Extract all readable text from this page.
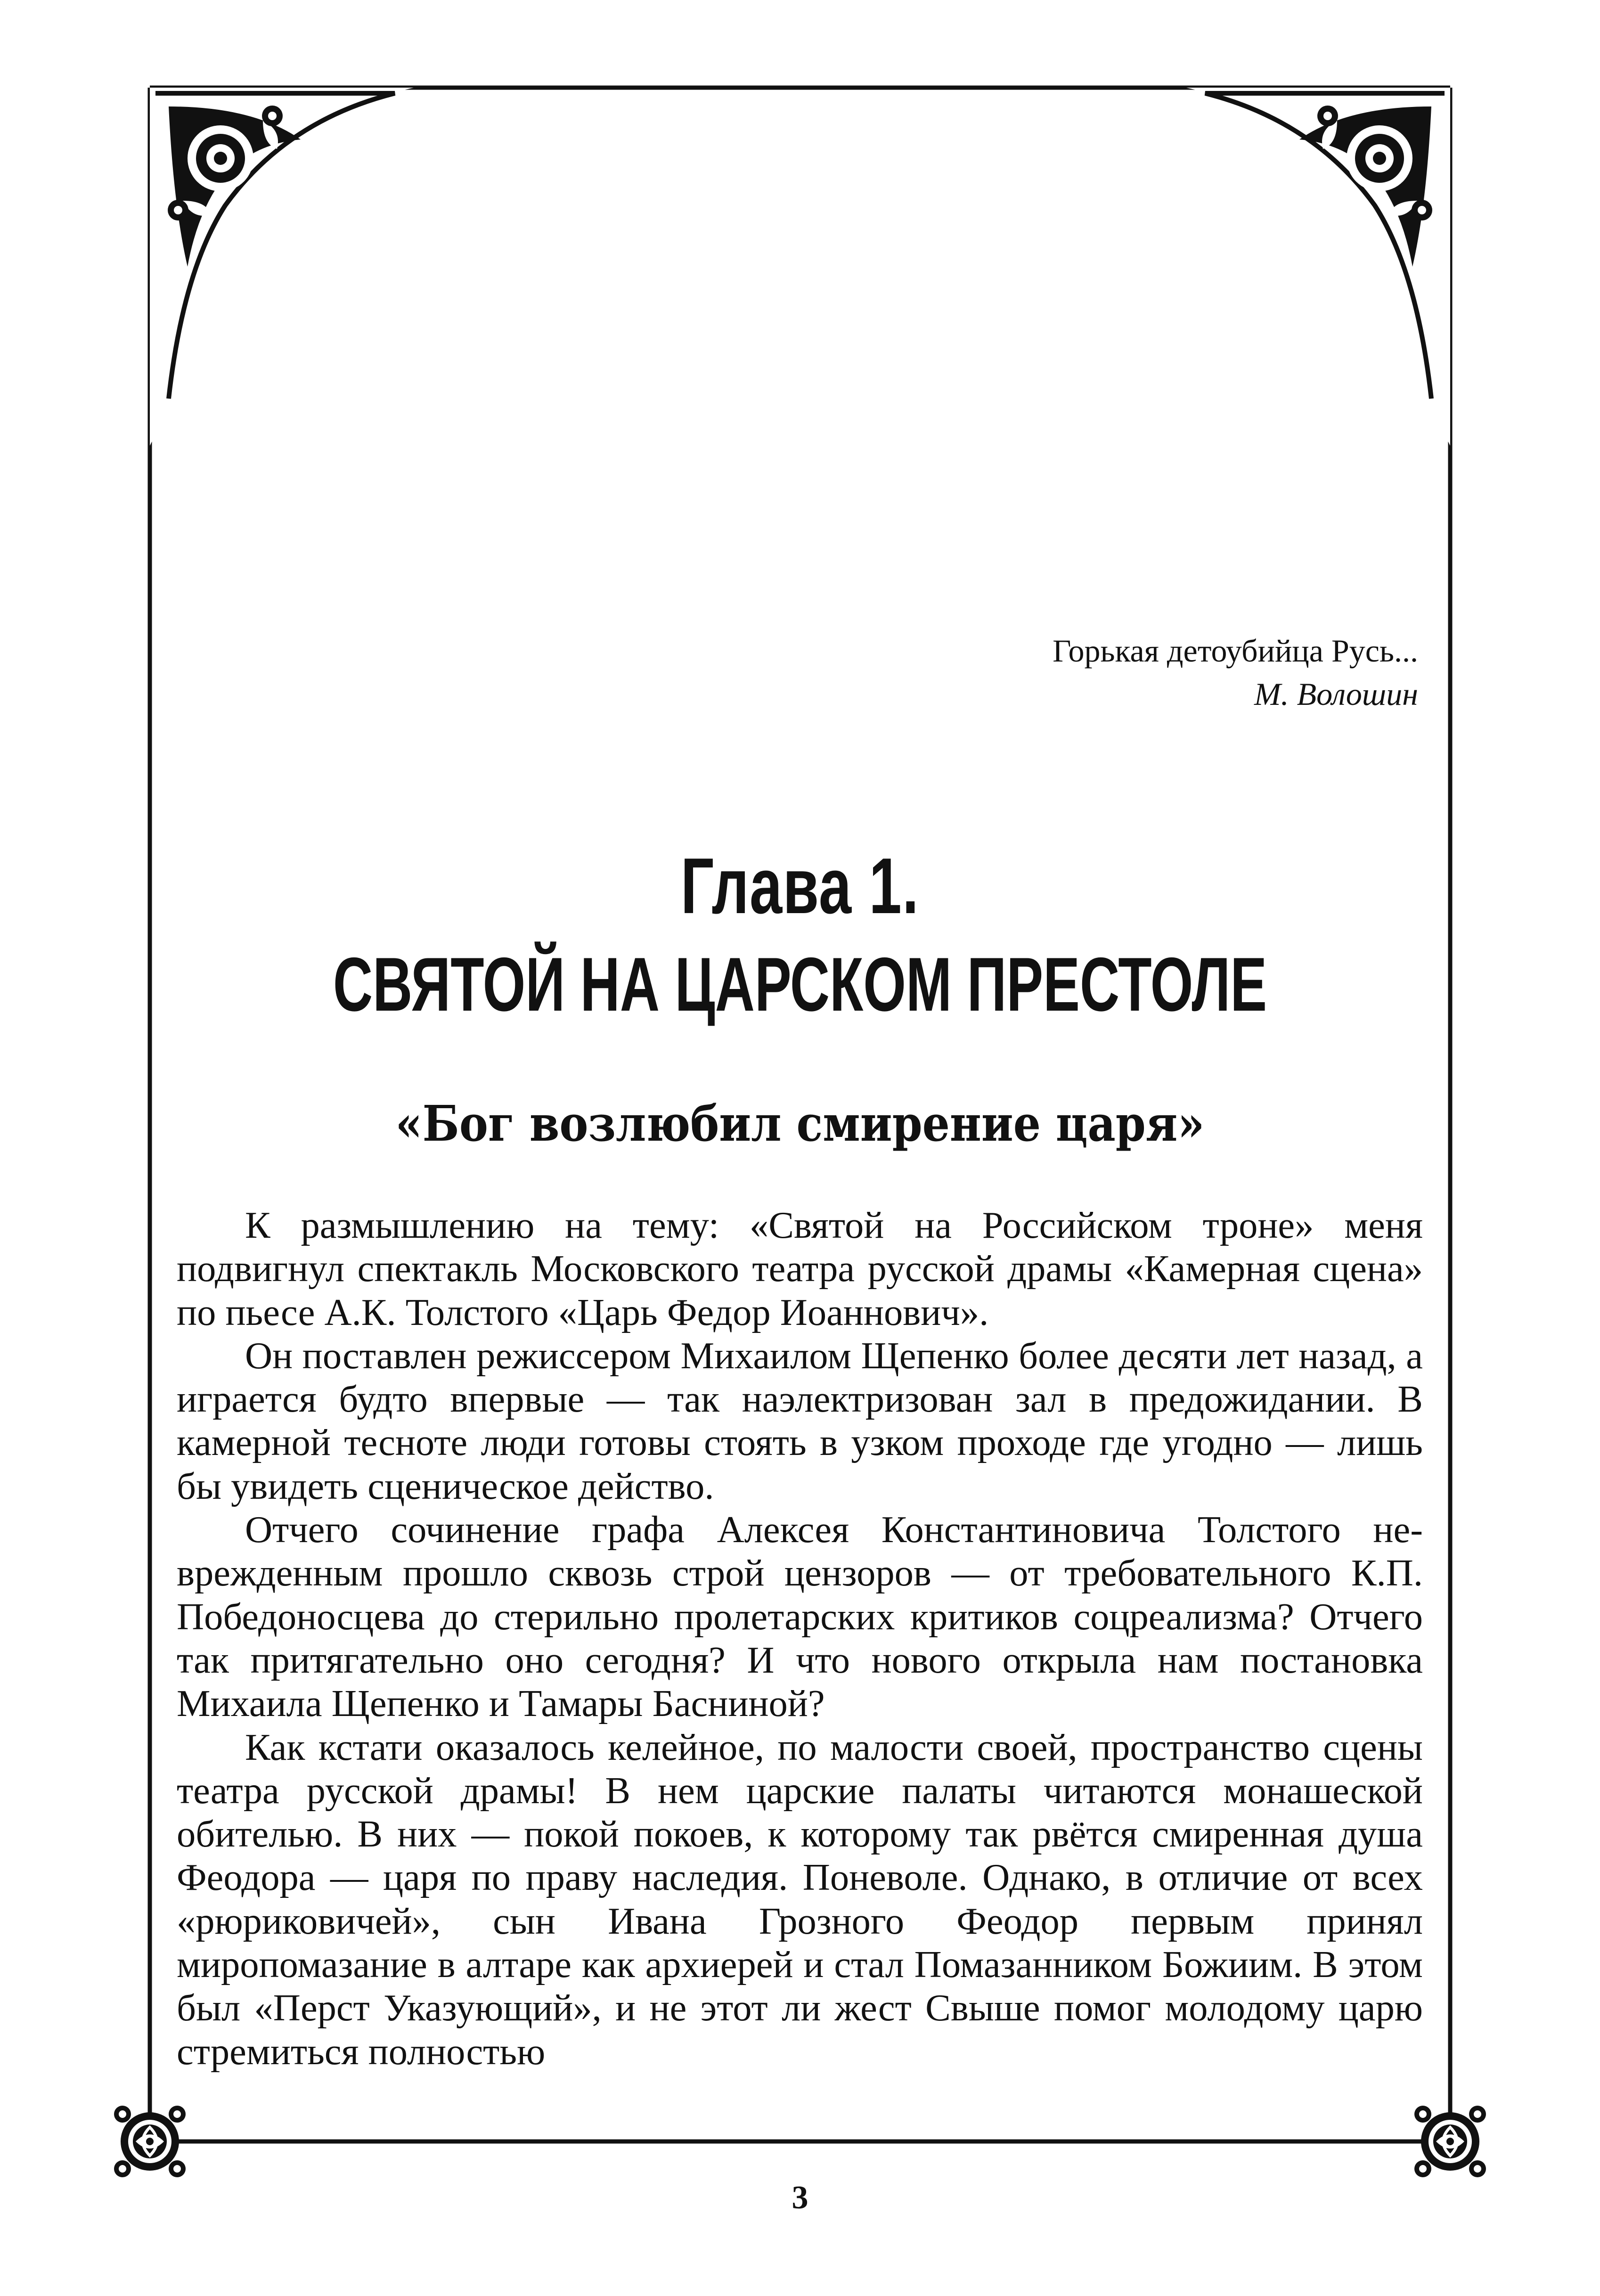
Горькая детоубийца Русь...
М. Волошин
Глава 1.
СВЯТОЙ НА ЦАРСКОМ ПРЕСТОЛЕ
«Бог возлюбил смирение царя»

К размышлению на тему: «Святой на Российском троне» меня подвигнул спектакль Московского театра русской драмы «Камерная сцена» по пьесе А.К. Толстого «Царь Федор Иоаннович».

Он поставлен режиссером Михаилом Щепенко более десяти лет назад, а играется будто впервые — так наэлектризован зал в предожидании. В камерной тесноте люди готовы стоять в узком проходе где угодно — лишь бы увидеть сценическое действо.

Отчего сочинение графа Алексея Константиновича Толстого неврежденным прошло сквозь строй цензоров — от требовательного К.П. Победоносцева до стерильно пролетарских критиков соцреализма? Отчего так притягательно оно сегодня? И что нового открыла нам постановка Михаила Щепенко и Тамары Басниной?

Как кстати оказалось келейное, по малости своей, пространство сцены театра русской драмы! В нем царские палаты читаются монашеской обителью. В них — покой покоев, к которому так рвётся смиренная душа Феодора — царя по праву наследия. Поневоле. Однако, в отличие от всех «рюриковичей», сын Ивана Грозного Феодор первым принял миропомазание в алтаре как архиерей и стал Помазанником Божиим. В этом был «Перст Указующий», и не этот ли жест Свыше помог молодому царю стремиться полностью

3
